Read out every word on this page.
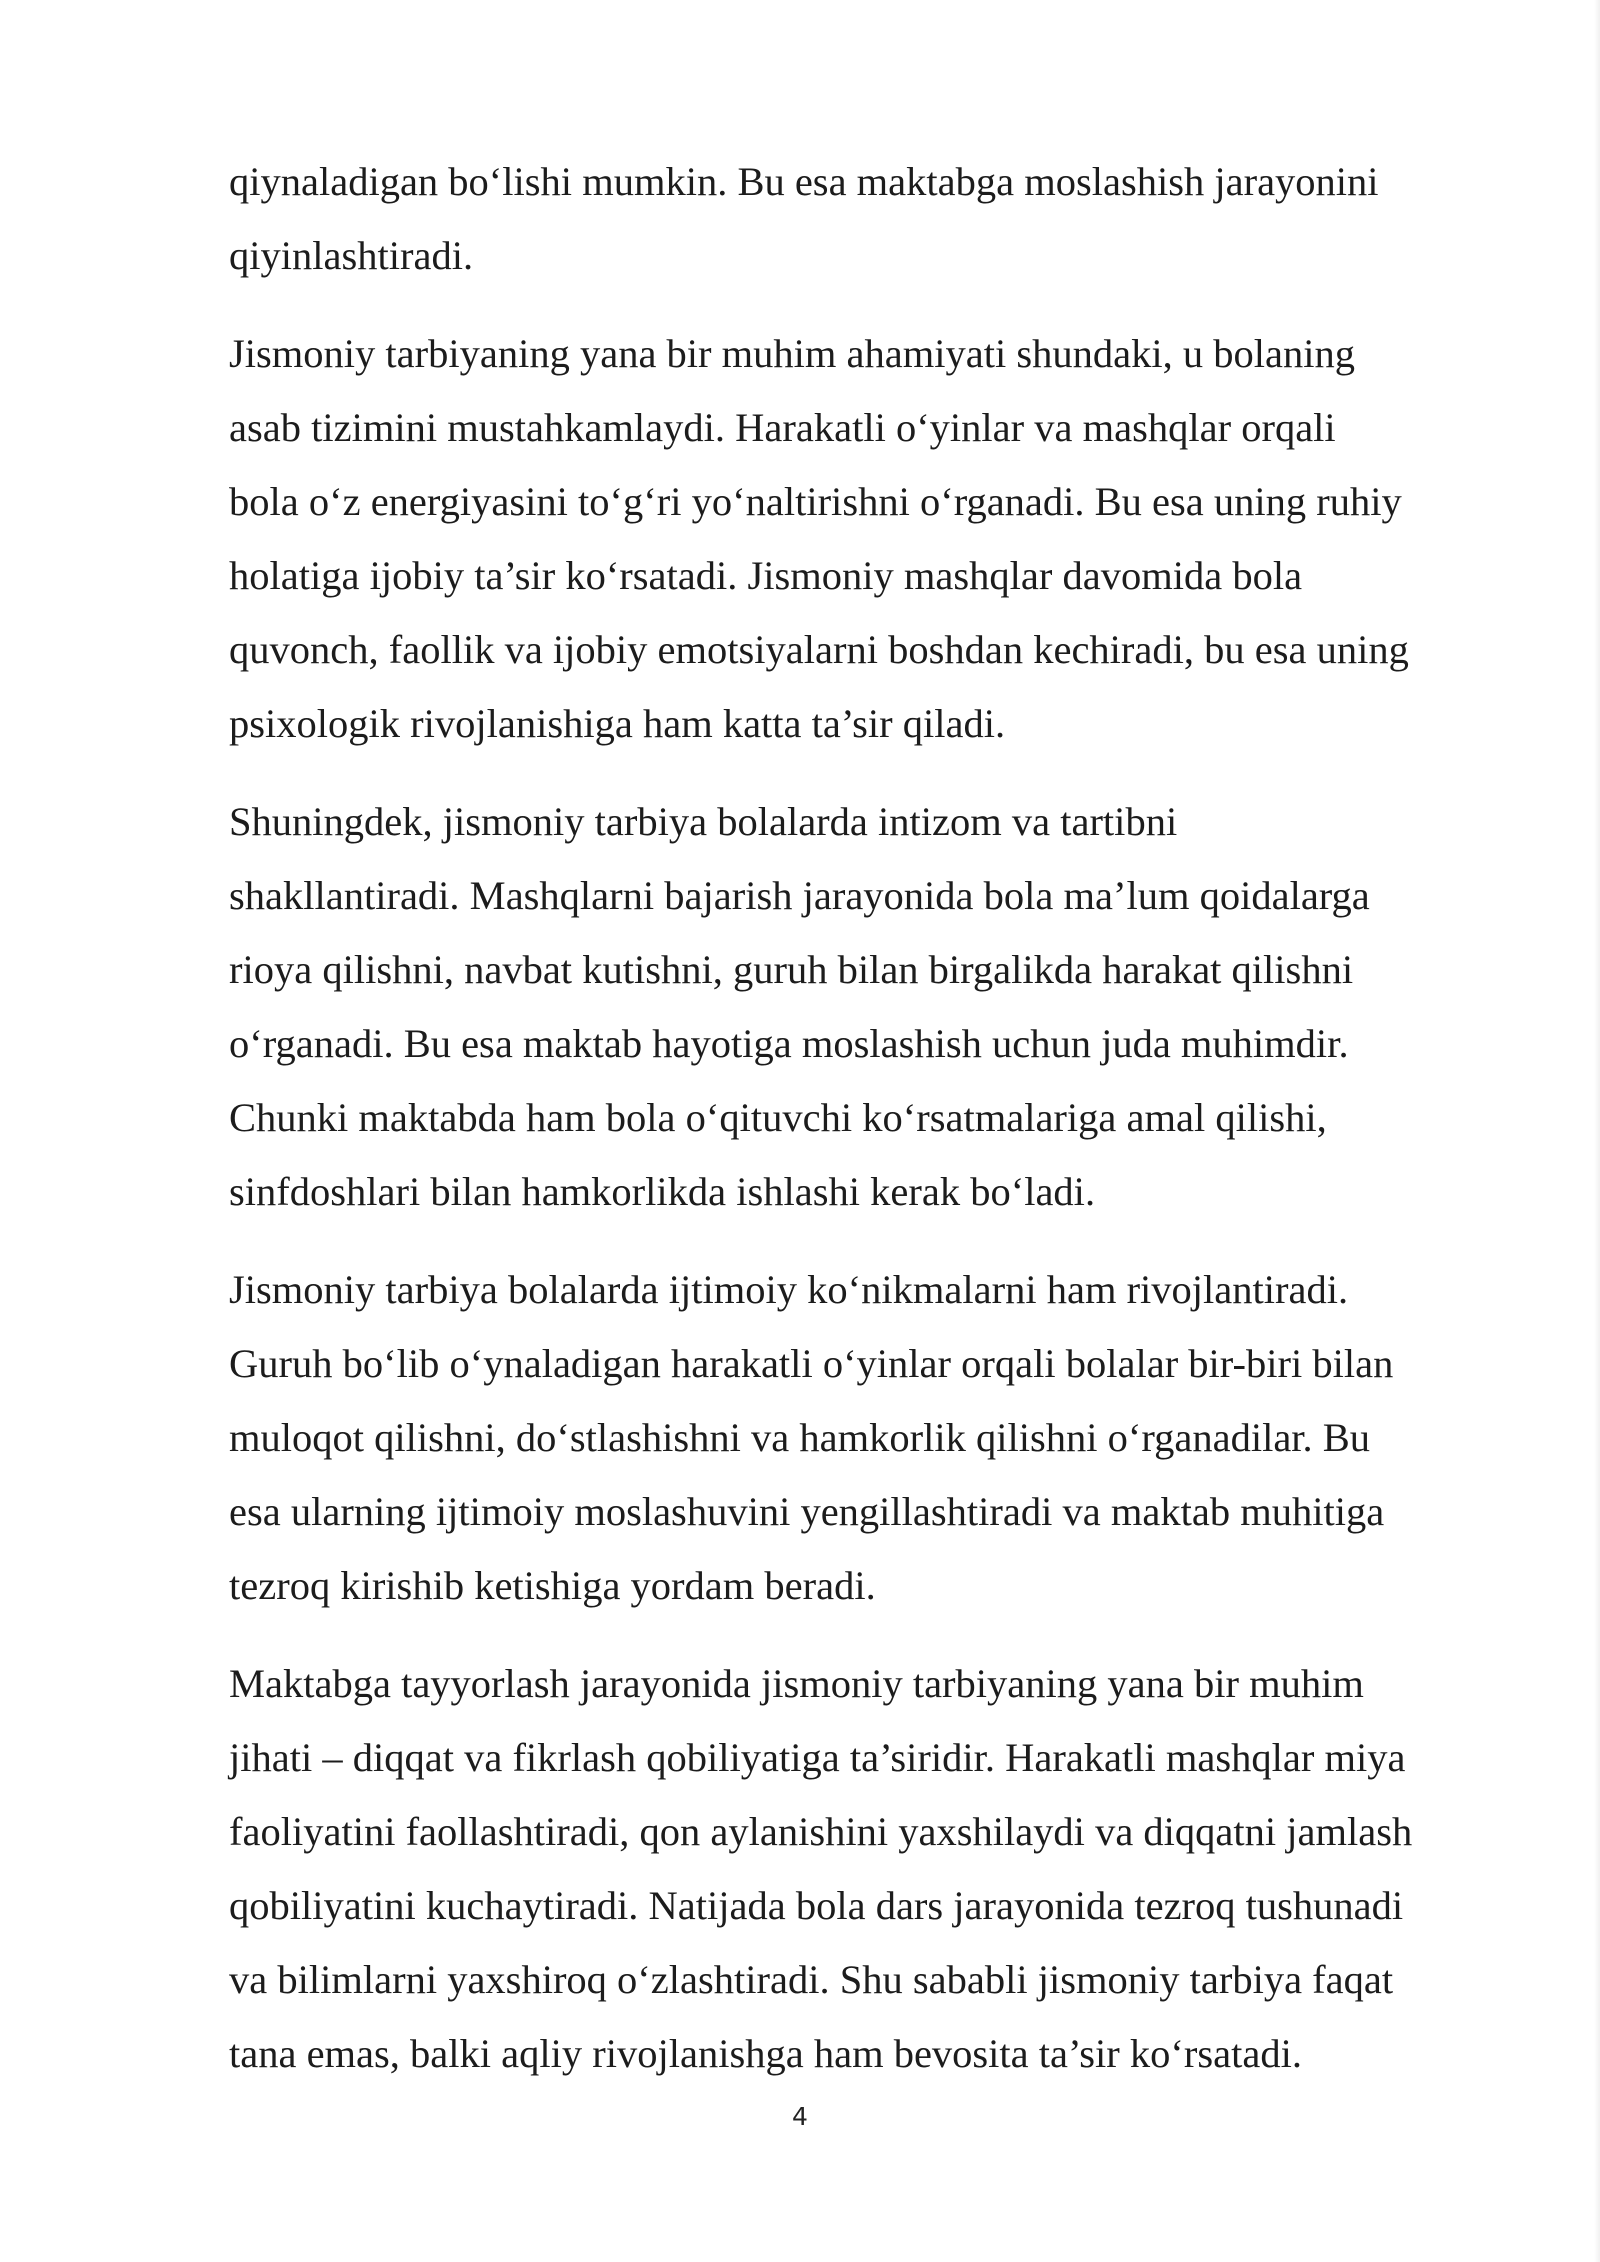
qiynaladigan bo‘lishi mumkin. Bu esa maktabga moslashish jarayonini
qiyinlashtiradi.

Jismoniy tarbiyaning yana bir muhim ahamiyati shundaki, u bolaning
asab tizimini mustahkamlaydi. Harakatli o‘yinlar va mashqlar orqali
bola o‘z energiyasini to‘g‘ri yo‘naltirishni o‘rganadi. Bu esa uning ruhiy
holatiga ijobiy ta’sir ko‘rsatadi. Jismoniy mashqlar davomida bola
quvonch, faollik va ijobiy emotsiyalarni boshdan kechiradi, bu esa uning
psixologik rivojlanishiga ham katta ta’sir qiladi.

Shuningdek, jismoniy tarbiya bolalarda intizom va tartibni
shakllantiradi. Mashqlarni bajarish jarayonida bola ma’lum qoidalarga
rioya qilishni, navbat kutishni, guruh bilan birgalikda harakat qilishni
o‘rganadi. Bu esa maktab hayotiga moslashish uchun juda muhimdir.
Chunki maktabda ham bola o‘qituvchi ko‘rsatmalariga amal qilishi,
sinfdoshlari bilan hamkorlikda ishlashi kerak bo‘ladi.

Jismoniy tarbiya bolalarda ijtimoiy ko‘nikmalarni ham rivojlantiradi.
Guruh bo‘lib o‘ynaladigan harakatli o‘yinlar orqali bolalar bir-biri bilan
muloqot qilishni, do‘stlashishni va hamkorlik qilishni o‘rganadilar. Bu
esa ularning ijtimoiy moslashuvini yengillashtiradi va maktab muhitiga
tezroq kirishib ketishiga yordam beradi.

Maktabga tayyorlash jarayonida jismoniy tarbiyaning yana bir muhim
jihati – diqqat va fikrlash qobiliyatiga ta’siridir. Harakatli mashqlar miya
faoliyatini faollashtiradi, qon aylanishini yaxshilaydi va diqqatni jamlash
qobiliyatini kuchaytiradi. Natijada bola dars jarayonida tezroq tushunadi
va bilimlarni yaxshiroq o‘zlashtiradi. Shu sababli jismoniy tarbiya faqat
tana emas, balki aqliy rivojlanishga ham bevosita ta’sir ko‘rsatadi.

4
